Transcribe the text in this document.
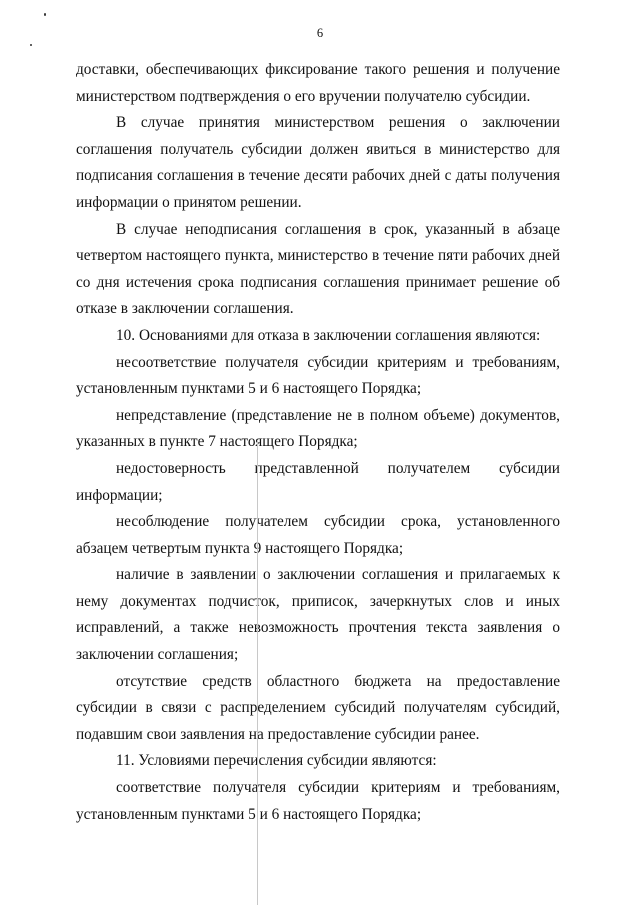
6

доставки, обеспечивающих фиксирование такого решения и получение министерством подтверждения о его вручении получателю субсидии.

В случае принятия министерством решения о заключении соглашения получатель субсидии должен явиться в министерство для подписания соглашения в течение десяти рабочих дней с даты получения информации о принятом решении.

В случае неподписания соглашения в срок, указанный в абзаце четвертом настоящего пункта, министерство в течение пяти рабочих дней со дня истечения срока подписания соглашения принимает решение об отказе в заключении соглашения.

10. Основаниями для отказа в заключении соглашения являются:

несоответствие получателя субсидии критериям и требованиям, установленным пунктами 5 и 6 настоящего Порядка;

непредставление (представление не в полном объеме) документов, указанных в пункте 7 настоящего Порядка;

недостоверность представленной получателем субсидии информации;

несоблюдение получателем субсидии срока, установленного абзацем четвертым пункта 9 настоящего Порядка;

наличие в заявлении о заключении соглашения и прилагаемых к нему документах подчисток, приписок, зачеркнутых слов и иных исправлений, а также невозможность прочтения текста заявления о заключении соглашения;

отсутствие средств областного бюджета на предоставление субсидии в связи с распределением субсидий получателям субсидий, подавшим свои заявления на предоставление субсидии ранее.

11. Условиями перечисления субсидии являются:

соответствие получателя субсидии критериям и требованиям, установленным пунктами 5 и 6 настоящего Порядка;
